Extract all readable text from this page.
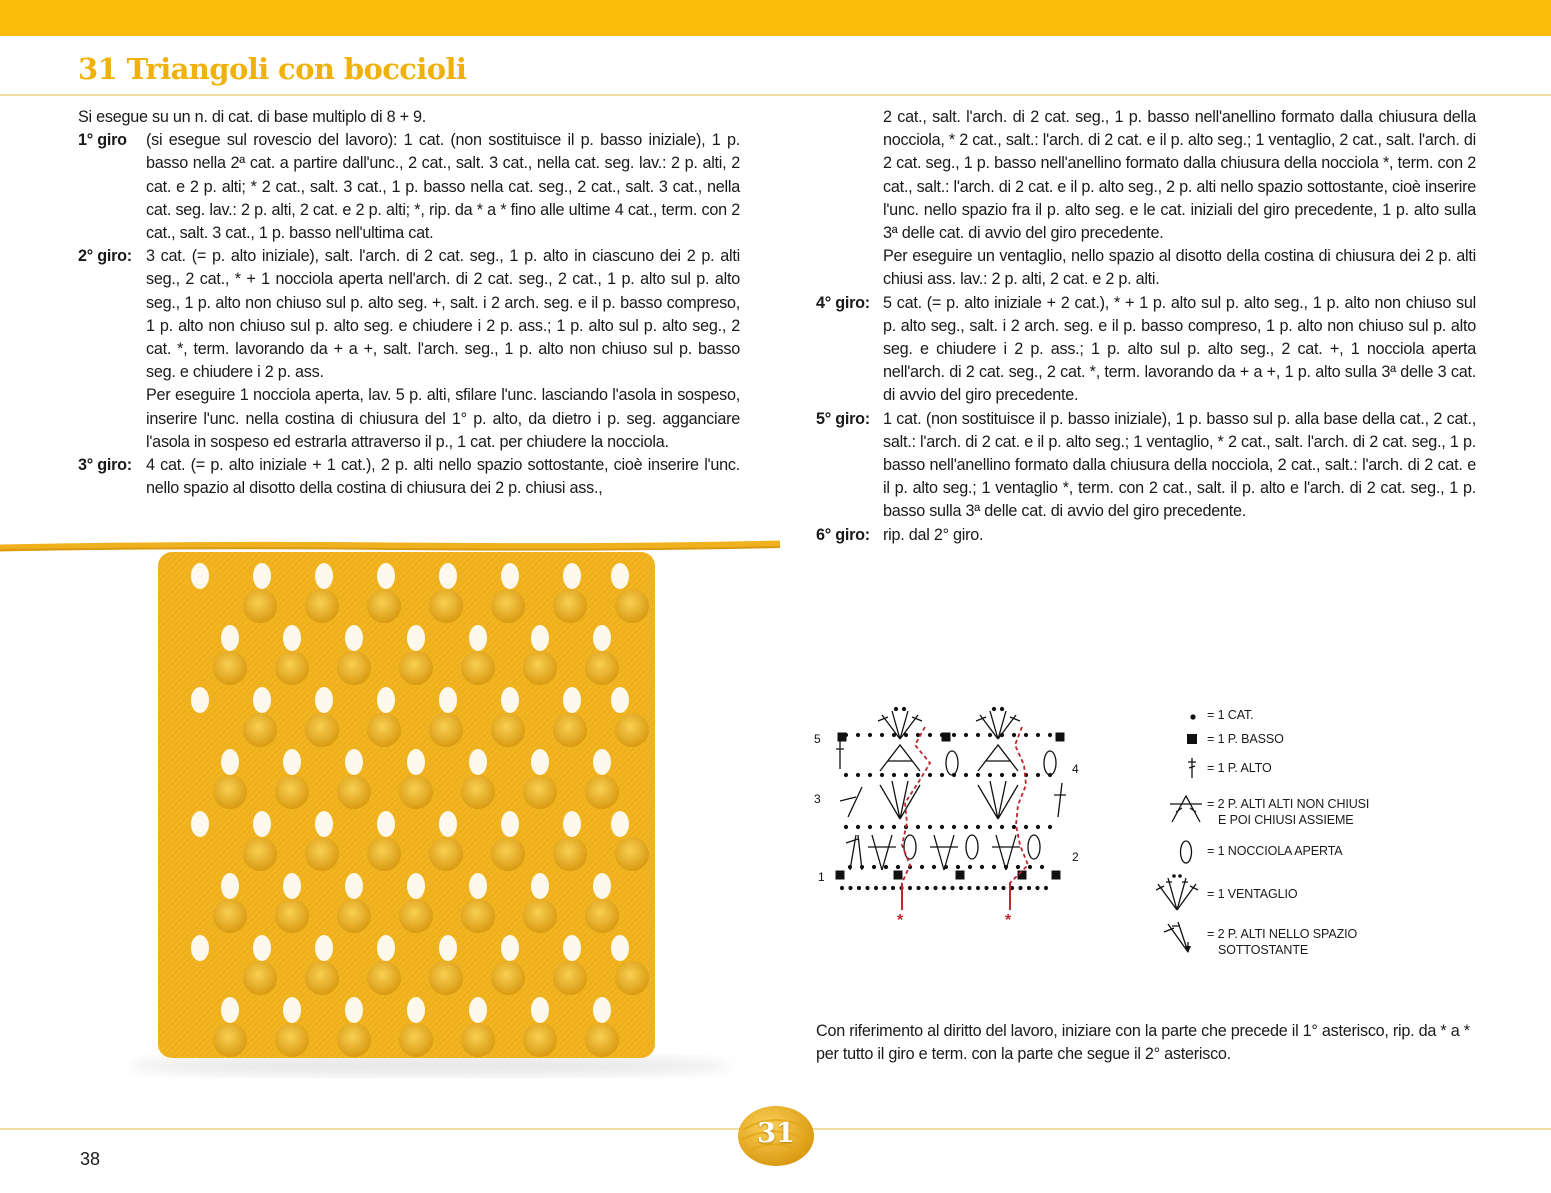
31 Triangoli con boccioli

Si esegue su un n. di cat. di base multiplo di 8 + 9.

1° giro	(si esegue sul rovescio del lavoro): 1 cat. (non sostituisce il p. basso iniziale), 1 p. basso nella 2ª cat. a partire dall'unc., 2 cat., salt. 3 cat., nella cat. seg. lav.: 2 p. alti, 2 cat. e 2 p. alti; * 2 cat., salt. 3 cat., 1 p. basso nella cat. seg., 2 cat., salt. 3 cat., nella cat. seg. lav.: 2 p. alti, 2 cat. e 2 p. alti; *, rip. da * a * fino alle ultime 4 cat., term. con 2 cat., salt. 3 cat., 1 p. basso nell'ultima cat.
2° giro: 3 cat. (= p. alto iniziale), salt. l'arch. di 2 cat. seg., 1 p. alto in ciascuno dei 2 p. alti seg., 2 cat., * + 1 nocciola aperta nell'arch. di 2 cat. seg., 2 cat., 1 p. alto sul p. alto seg., 1 p. alto non chiuso sul p. alto seg. +, salt. i 2 arch. seg. e il p. basso compreso, 1 p. alto non chiuso sul p. alto seg. e chiudere i 2 p. ass.; 1 p. alto sul p. alto seg., 2 cat. *, term. lavorando da + a +, salt. l'arch. seg., 1 p. alto non chiuso sul p. basso seg. e chiudere i 2 p. ass.

Per eseguire 1 nocciola aperta, lav. 5 p. alti, sfilare l'unc. lasciando l'asola in sospeso, inserire l'unc. nella costina di chiusura del 1° p. alto, da dietro i p. seg. agganciare l'asola in sospeso ed estrarla attraverso il p., 1 cat. per chiudere la nocciola.

3° giro: 4 cat. (= p. alto iniziale + 1 cat.), 2 p. alti nello spazio sottostante, cioè inserire l'unc. nello spazio al disotto della costina di chiusura dei 2 p. chiusi ass.,

2 cat., salt. l'arch. di 2 cat. seg., 1 p. basso nell'anellino formato dalla chiusura della nocciola, * 2 cat., salt.: l'arch. di 2 cat. e il p. alto seg.; 1 ventaglio, 2 cat., salt. l'arch. di 2 cat. seg., 1 p. basso nell'anellino formato dalla chiusura della nocciola *, term. con 2 cat., salt.: l'arch. di 2 cat. e il p. alto seg., 2 p. alti nello spazio sottostante, cioè inserire l'unc. nello spazio fra il p. alto seg. e le cat. iniziali del giro precedente, 1 p. alto sulla 3ª delle cat. di avvio del giro precedente.

Per eseguire un ventaglio, nello spazio al disotto della costina di chiusura dei 2 p. alti chiusi ass. lav.: 2 p. alti, 2 cat. e 2 p. alti.

4° giro: 5 cat. (= p. alto iniziale + 2 cat.), * + 1 p. alto sul p. alto seg., 1 p. alto non chiuso sul p. alto seg., salt. i 2 arch. seg. e il p. basso compreso, 1 p. alto non chiuso sul p. alto seg. e chiudere i 2 p. ass.; 1 p. alto sul p. alto seg., 2 cat. +, 1 nocciola aperta nell'arch. di 2 cat. seg., 2 cat. *, term. lavorando da + a +, 1 p. alto sulla 3ª delle 3 cat. di avvio del giro precedente.
5° giro: 1 cat. (non sostituisce il p. basso iniziale), 1 p. basso sul p. alla base della cat., 2 cat., salt.: l'arch. di 2 cat. e il p. alto seg.; 1 ventaglio, * 2 cat., salt. l'arch. di 2 cat. seg., 1 p. basso nell'anellino formato dalla chiusura della nocciola, 2 cat., salt.: l'arch. di 2 cat. e il p. alto seg.; 1 ventaglio *, term. con 2 cat., salt. il p. alto e l'arch. di 2 cat. seg., 1 p. basso sulla 3ª delle cat. di avvio del giro precedente.
6° giro: rip. dal 2° giro.
5
4
3
2
1
*	*
= 1 CAT.
= 1 P. BASSO
= 1 P. ALTO
= 2 P. ALTI ALTI NON CHIUSI
E POI CHIUSI ASSIEME
= 1 NOCCIOLA APERTA
= 1 VENTAGLIO
= 2 P. ALTI NELLO SPAZIO
SOTTOSTANTE

Con riferimento al diritto del lavoro, iniziare con la parte che precede il 1° asterisco, rip. da * a * per tutto il giro e term. con la parte che segue il 2° asterisco.

38
31
